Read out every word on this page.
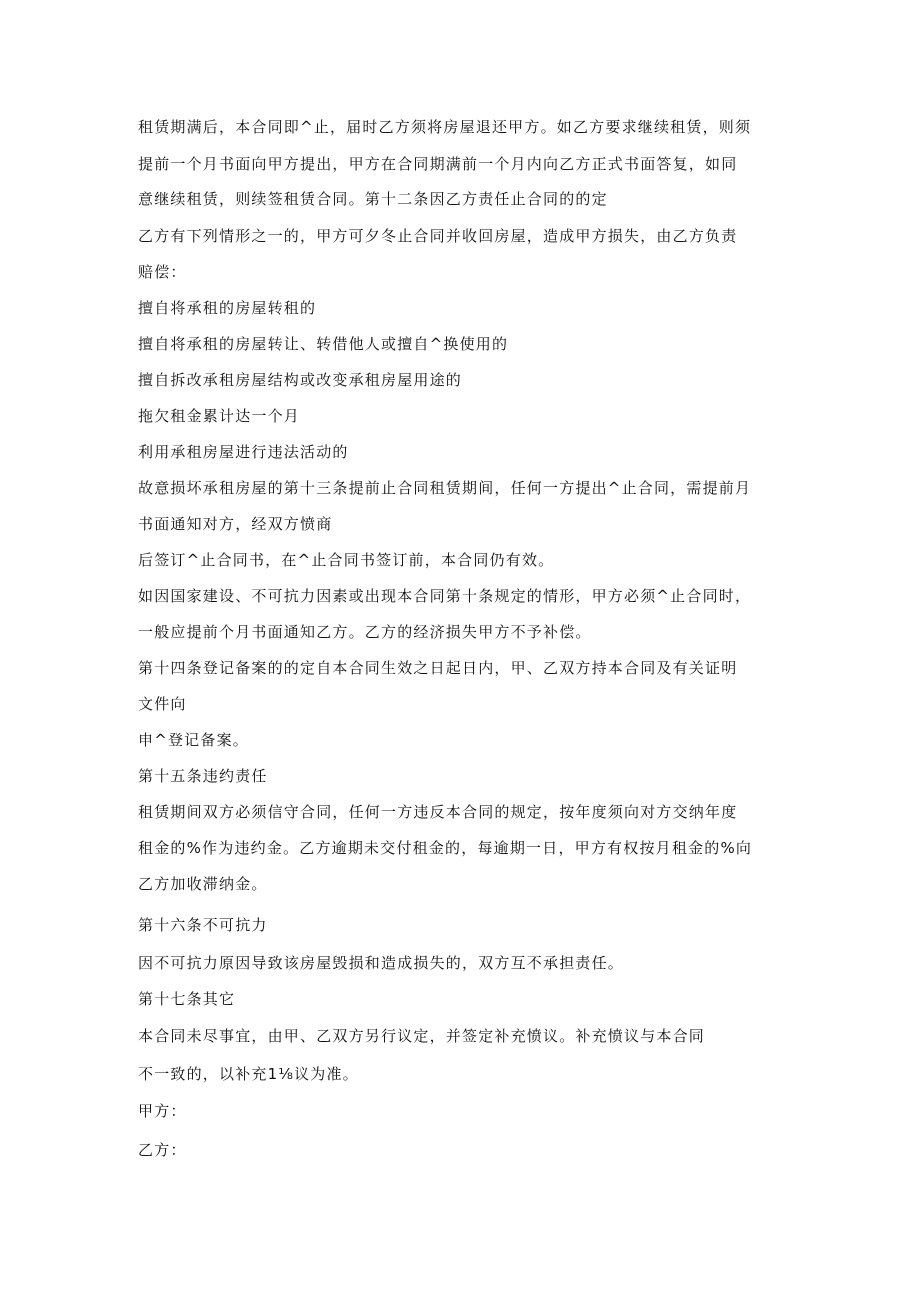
租赁期满后，本合同即^止，届时乙方须将房屋退还甲方。如乙方要求继续租赁，则须
提前一个月书面向甲方提出，甲方在合同期满前一个月内向乙方正式书面答复，如同
意继续租赁，则续签租赁合同。第十二条因乙方责任止合同的的定
乙方有下列情形之一的，甲方可夕冬止合同并收回房屋，造成甲方损失，由乙方负责
赔偿：
擅自将承租的房屋转租的
擅自将承租的房屋转让、转借他人或擅自^换使用的
擅自拆改承租房屋结构或改变承租房屋用途的
拖欠租金累计达一个月
利用承租房屋进行违法活动的
故意损坏承租房屋的第十三条提前止合同租赁期间，任何一方提出^止合同，需提前月
书面通知对方，经双方愤商
后签订^止合同书，在^止合同书签订前，本合同仍有效。
如因国家建设、不可抗力因素或出现本合同第十条规定的情形，甲方必须^止合同时，
一般应提前个月书面通知乙方。乙方的经济损失甲方不予补偿。
第十四条登记备案的的定自本合同生效之日起日内，甲、乙双方持本合同及有关证明
文件向
申^登记备案。
第十五条违约责任
租赁期间双方必须信守合同，任何一方违反本合同的规定，按年度须向对方交纳年度
租金的%作为违约金。乙方逾期未交付租金的，每逾期一日，甲方有权按月租金的%向
乙方加收滞纳金。
第十六条不可抗力
因不可抗力原因导致该房屋毁损和造成损失的，双方互不承担责任。
第十七条其它
本合同未尽事宜，由甲、乙双方另行议定，并签定补充愤议。补充愤议与本合同
不一致的，以补充1⅛议为准。
甲方：
乙方：
